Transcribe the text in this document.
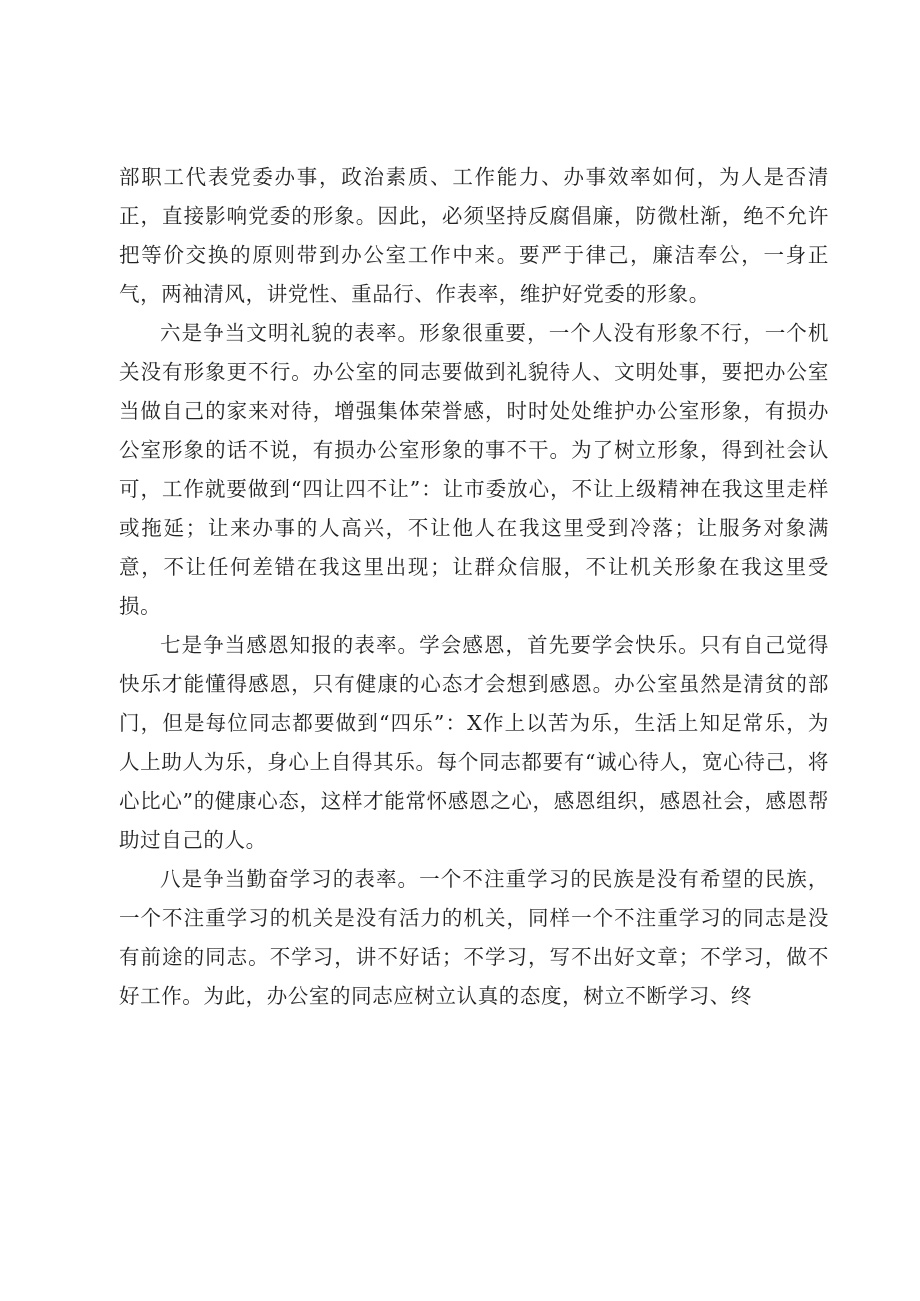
部职工代表党委办事，政治素质、工作能力、办事效率如何，为人是否清正，直接影响党委的形象。因此，必须坚持反腐倡廉，防微杜渐，绝不允许把等价交换的原则带到办公室工作中来。要严于律己，廉洁奉公，一身正气，两袖清风，讲党性、重品行、作表率，维护好党委的形象。

六是争当文明礼貌的表率。形象很重要，一个人没有形象不行，一个机关没有形象更不行。办公室的同志要做到礼貌待人、文明处事，要把办公室当做自己的家来对待，增强集体荣誉感，时时处处维护办公室形象，有损办公室形象的话不说，有损办公室形象的事不干。为了树立形象，得到社会认可，工作就要做到“四让四不让”：让市委放心，不让上级精神在我这里走样或拖延；让来办事的人高兴，不让他人在我这里受到冷落；让服务对象满意，不让任何差错在我这里出现；让群众信服，不让机关形象在我这里受损。

七是争当感恩知报的表率。学会感恩，首先要学会快乐。只有自己觉得快乐才能懂得感恩，只有健康的心态才会想到感恩。办公室虽然是清贫的部门，但是每位同志都要做到“四乐”：X作上以苦为乐，生活上知足常乐，为人上助人为乐，身心上自得其乐。每个同志都要有“诚心待人，宽心待己，将心比心”的健康心态，这样才能常怀感恩之心，感恩组织，感恩社会，感恩帮助过自己的人。

八是争当勤奋学习的表率。一个不注重学习的民族是没有希望的民族，一个不注重学习的机关是没有活力的机关，同样一个不注重学习的同志是没有前途的同志。不学习，讲不好话；不学习，写不出好文章；不学习，做不好工作。为此，办公室的同志应树立认真的态度，树立不断学习、终
